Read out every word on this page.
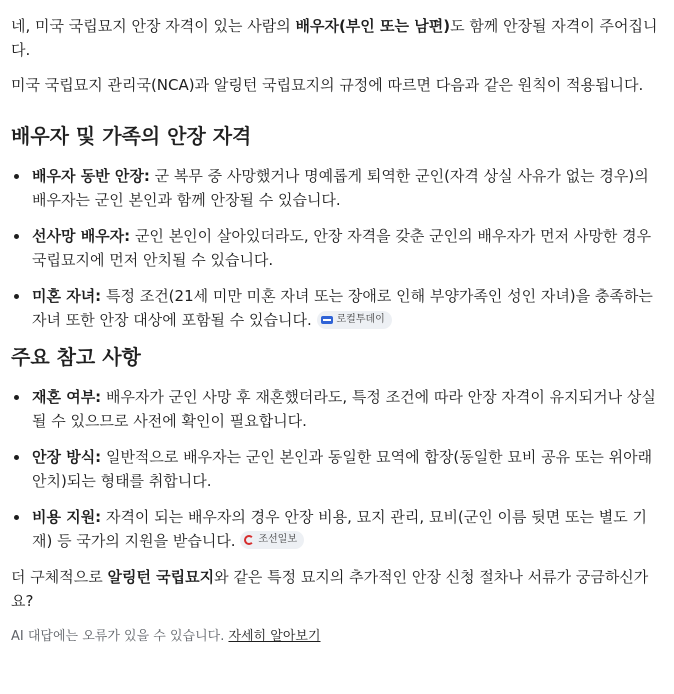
네, 미국 국립묘지 안장 자격이 있는 사람의 배우자(부인 또는 남편)도 함께 안장될 자격이 주어집니다.

미국 국립묘지 관리국(NCA)과 알링턴 국립묘지의 규정에 따르면 다음과 같은 원칙이 적용됩니다.

배우자 및 가족의 안장 자격
배우자 동반 안장: 군 복무 중 사망했거나 명예롭게 퇴역한 군인(자격 상실 사유가 없는 경우)의 배우자는 군인 본인과 함께 안장될 수 있습니다.
선사망 배우자: 군인 본인이 살아있더라도, 안장 자격을 갖춘 군인의 배우자가 먼저 사망한 경우 국립묘지에 먼저 안치될 수 있습니다.
미혼 자녀: 특정 조건(21세 미만 미혼 자녀 또는 장애로 인해 부양가족인 성인 자녀)을 충족하는 자녀 또한 안장 대상에 포함될 수 있습니다. 로컬투데이
주요 참고 사항
재혼 여부: 배우자가 군인 사망 후 재혼했더라도, 특정 조건에 따라 안장 자격이 유지되거나 상실될 수 있으므로 사전에 확인이 필요합니다.
안장 방식: 일반적으로 배우자는 군인 본인과 동일한 묘역에 합장(동일한 묘비 공유 또는 위아래 안치)되는 형태를 취합니다.
비용 지원: 자격이 되는 배우자의 경우 안장 비용, 묘지 관리, 묘비(군인 이름 뒷면 또는 별도 기재) 등 국가의 지원을 받습니다. 조선일보

더 구체적으로 알링턴 국립묘지와 같은 특정 묘지의 추가적인 안장 신청 절차나 서류가 궁금하신가요?

AI 대답에는 오류가 있을 수 있습니다. 자세히 알아보기
